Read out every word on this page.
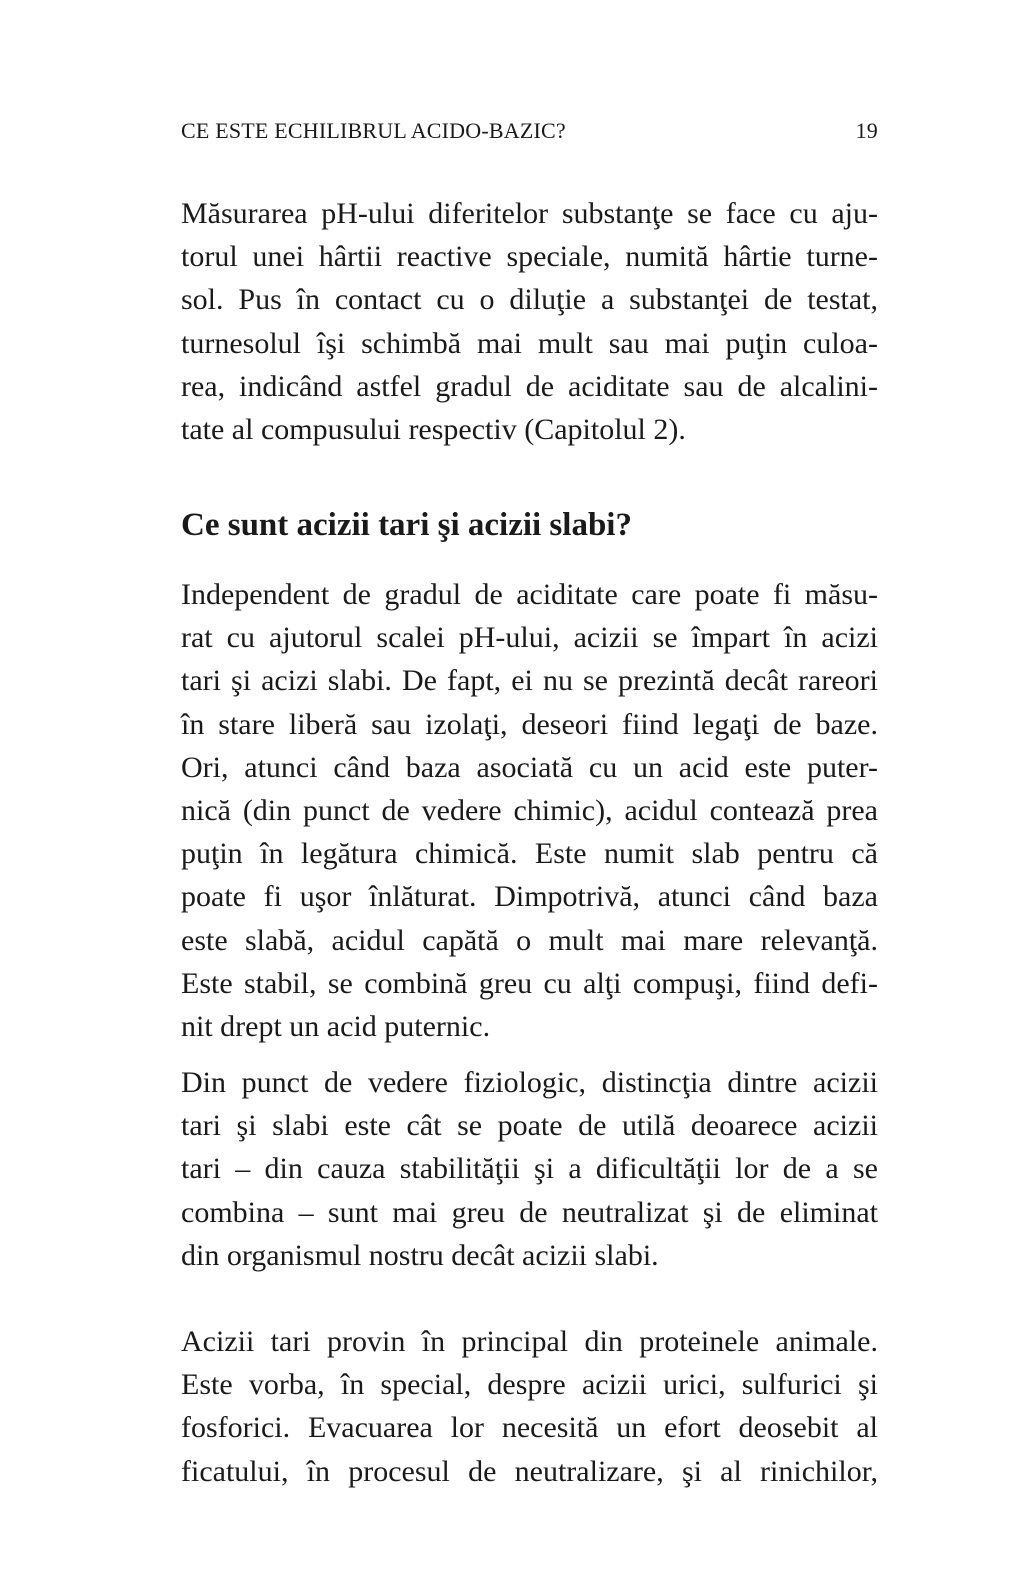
CE ESTE ECHILIBRUL ACIDO-BAZIC?	19
Măsurarea pH-ului diferitelor substanţe se face cu aju-
torul unei hârtii reactive speciale, numită hârtie turne-
sol. Pus în contact cu o diluţie a substanţei de testat,
turnesolul îşi schimbă mai mult sau mai puţin culoa-
rea, indicând astfel gradul de aciditate sau de alcalini-
tate al compusului respectiv (Capitolul 2).
Ce sunt acizii tari şi acizii slabi?
Independent de gradul de aciditate care poate fi măsu-
rat cu ajutorul scalei pH-ului, acizii se împart în acizi
tari şi acizi slabi. De fapt, ei nu se prezintă decât rareori
în stare liberă sau izolaţi, deseori fiind legaţi de baze.
Ori, atunci când baza asociată cu un acid este puter-
nică (din punct de vedere chimic), acidul contează prea
puţin în legătura chimică. Este numit slab pentru că
poate fi uşor înlăturat. Dimpotrivă, atunci când baza
este slabă, acidul capătă o mult mai mare relevanţă.
Este stabil, se combină greu cu alţi compuşi, fiind defi-
nit drept un acid puternic.
Din punct de vedere fiziologic, distincţia dintre acizii
tari şi slabi este cât se poate de utilă deoarece acizii
tari – din cauza stabilităţii şi a dificultăţii lor de a se
combina – sunt mai greu de neutralizat şi de eliminat
din organismul nostru decât acizii slabi.
Acizii tari provin în principal din proteinele animale.
Este vorba, în special, despre acizii urici, sulfurici şi
fosforici. Evacuarea lor necesită un efort deosebit al
ficatului, în procesul de neutralizare, şi al rinichilor,
